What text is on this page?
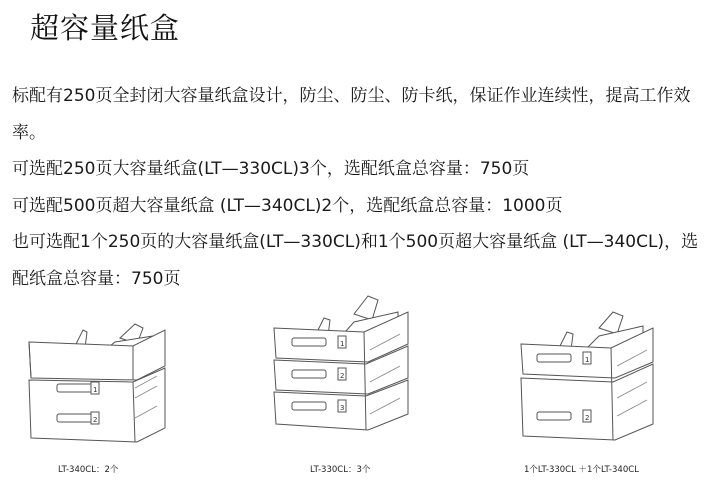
超容量纸盒

标配有250页全封闭大容量纸盒设计，防尘、防尘、防卡纸，保证作业连续性，提高工作效率。

可选配250页大容量纸盒(LT—330CL)3个，选配纸盒总容量：750页

可选配500页超大容量纸盒 (LT—340CL)2个，选配纸盒总容量：1000页

也可选配1个250页的大容量纸盒(LT—330CL)和1个500页超大容量纸盒 (LT—340CL)，选配纸盒总容量：750页

1
2
LT-340CL：2个
1
2
3
LT-330CL：3个
1
2
1个LT-330CL ＋1个LT-340CL
